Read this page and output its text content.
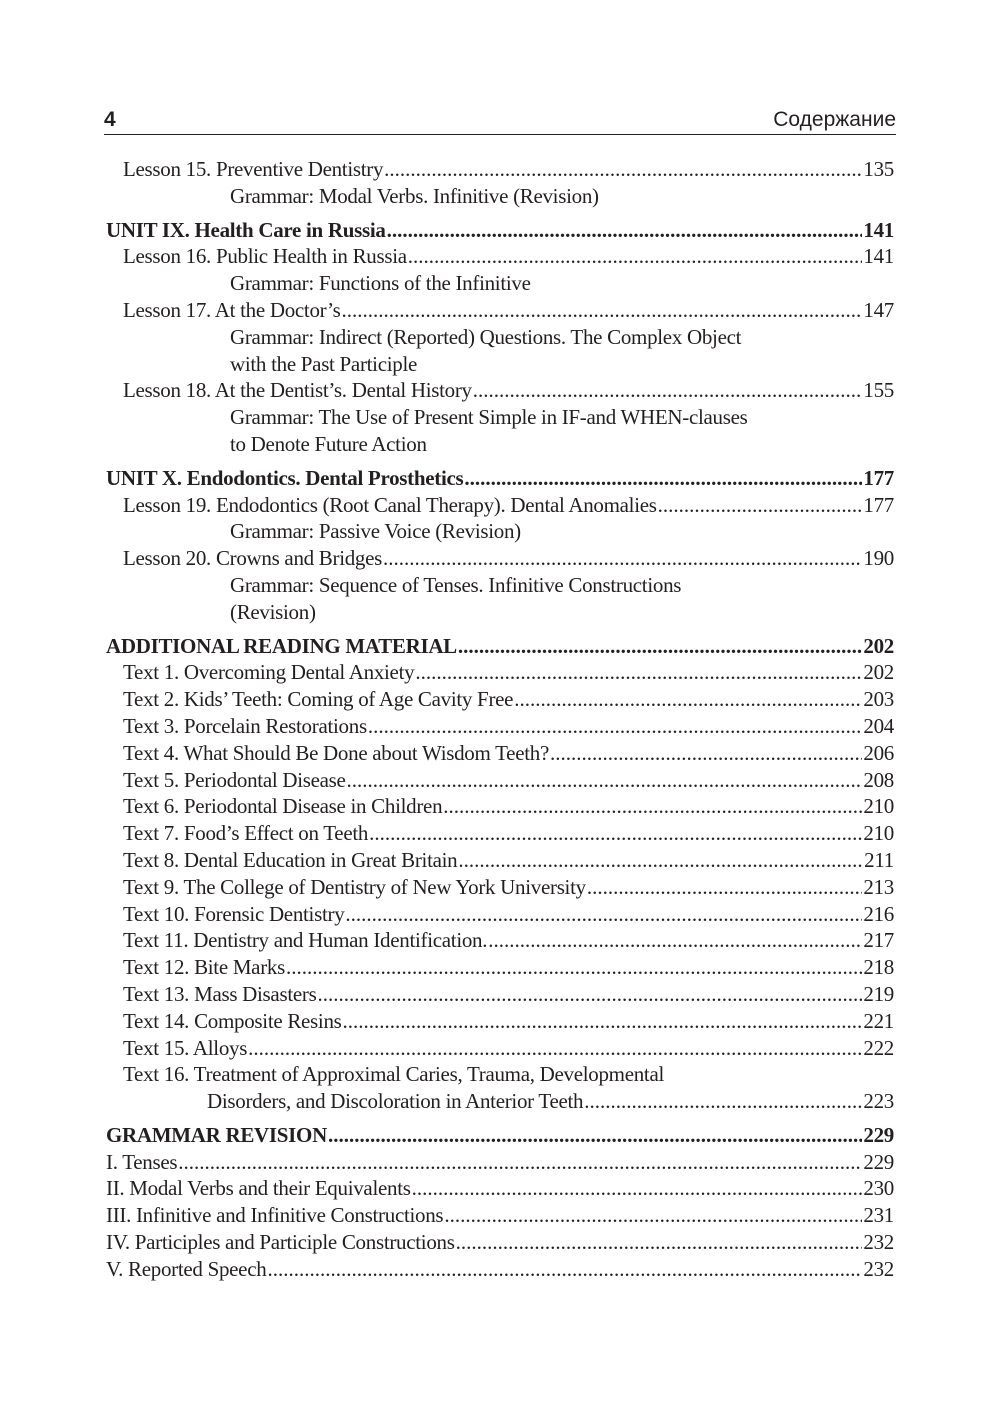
4	Содержание
Lesson 15. Preventive Dentistry .....	135
Grammar: Modal Verbs. Infinitive (Revision)
UNIT IX. Health Care in Russia .....	141
Lesson 16. Public Health in Russia .....	141
Grammar: Functions of the Infinitive
Lesson 17. At the Doctor’s .....	147
Grammar: Indirect (Reported) Questions. The Complex Object
with the Past Participle
Lesson 18. At the Dentist’s. Dental History .....	155
Grammar: The Use of Present Simple in IF-and WHEN-clauses
to Denote Future Action
UNIT X. Endodontics. Dental Prosthetics .....	177
Lesson 19. Endodontics (Root Canal Therapy). Dental Anomalies .....	177
Grammar: Passive Voice (Revision)
Lesson 20. Crowns and Bridges .....	190
Grammar: Sequence of Tenses. Infinitive Constructions
(Revision)
ADDITIONAL READING MATERIAL .....	202
Text 1. Overcoming Dental Anxiety .....	202
Text 2. Kids’ Teeth: Coming of Age Cavity Free .....	203
Text 3. Porcelain Restorations .....	204
Text 4. What Should Be Done about Wisdom Teeth? .....	206
Text 5. Periodontal Disease .....	208
Text 6. Periodontal Disease in Children .....	210
Text 7. Food’s Effect on Teeth .....	210
Text 8. Dental Education in Great Britain .....	211
Text 9. The College of Dentistry of New York University .....	213
Text 10. Forensic Dentistry .....	216
Text 11. Dentistry and Human Identification. .....	217
Text 12. Bite Marks .....	218
Text 13. Mass Disasters .....	219
Text 14. Composite Resins .....	221
Text 15. Alloys .....	222
Text 16. Treatment of Approximal Caries, Trauma, Developmental
Disorders, and Discoloration in Anterior Teeth .....	223
GRAMMAR REVISION .....	229
I. Tenses .....	229
II. Modal Verbs and their Equivalents .....	230
III. Infinitive and Infinitive Constructions .....	231
IV. Participles and Participle Constructions .....	232
V. Reported Speech .....	232
